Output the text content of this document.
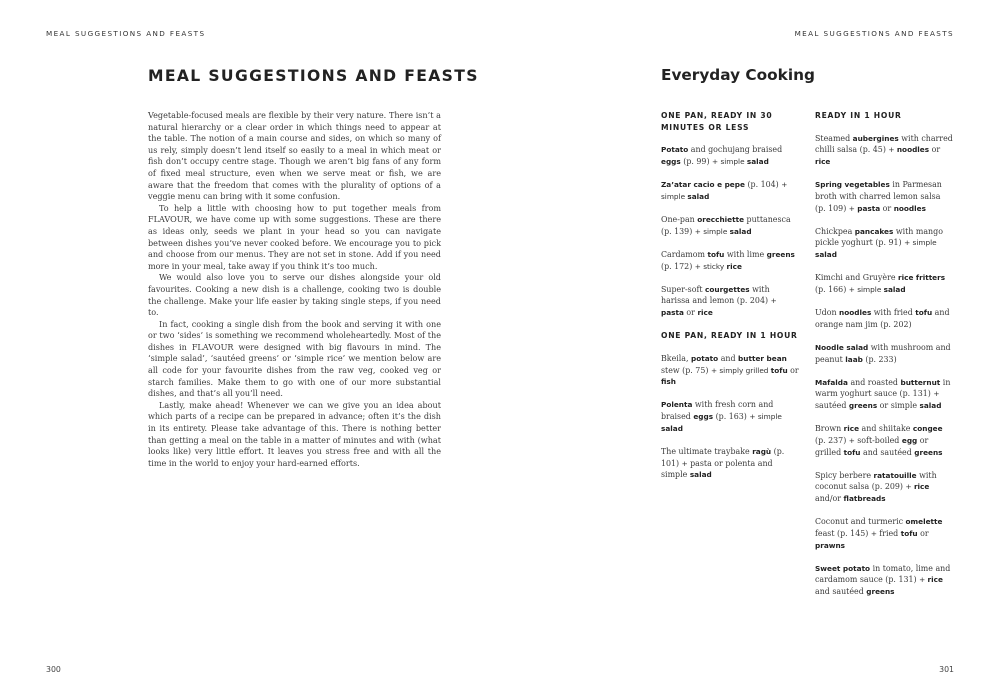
MEAL SUGGESTIONS AND FEASTS	MEAL SUGGESTIONS AND FEASTS
MEAL SUGGESTIONS AND FEASTS

Vegetable-focused meals are flexible by their very nature. There isn’t a natural hierarchy or a clear order in which things need to appear at the table. The notion of a main course and sides, on which so many of us rely, simply doesn’t lend itself so easily to a meal in which meat or fish don’t occupy centre stage. Though we aren’t big fans of any form of fixed meal structure, even when we serve meat or fish, we are aware that the freedom that comes with the plurality of options of a veggie menu can bring with it some confusion.

To help a little with choosing how to put together meals from FLAVOUR, we have come up with some suggestions. These are there as ideas only, seeds we plant in your head so you can navigate between dishes you’ve never cooked before. We encourage you to pick and choose from our menus. They are not set in stone. Add if you need more in your meal, take away if you think it’s too much.

We would also love you to serve our dishes alongside your old favourites. Cooking a new dish is a challenge, cooking two is double the challenge. Make your life easier by taking single steps, if you need to.

In fact, cooking a single dish from the book and serving it with one or two ‘sides’ is something we recommend wholeheartedly. Most of the dishes in FLAVOUR were designed with big flavours in mind. The ‘simple salad’, ‘sautéed greens’ or ‘simple rice’ we mention below are all code for your favourite dishes from the raw veg, cooked veg or starch families. Make them to go with one of our more substantial dishes, and that’s all you’ll need.

Lastly, make ahead! Whenever we can we give you an idea about which parts of a recipe can be prepared in advance; often it’s the dish in its entirety. Please take advantage of this. There is nothing better than getting a meal on the table in a matter of minutes and with (what looks like) very little effort. It leaves you stress free and with all the time in the world to enjoy your hard-earned efforts.

Everyday Cooking
ONE PAN, READY IN 30 MINUTES OR LESS
Potato and gochujang braised eggs (p. 99) + simple salad
Za’atar cacio e pepe (p. 104) + simple salad
One-pan orecchiette puttanesca (p. 139) + simple salad
Cardamom tofu with lime greens (p. 172) + sticky rice
Super-soft courgettes with harissa and lemon (p. 204) + pasta or rice
ONE PAN, READY IN 1 HOUR
Bkeila, potato and butter bean stew (p. 75) + simply grilled tofu or fish
Polenta with fresh corn and braised eggs (p. 163) + simple salad
The ultimate traybake ragù (p. 101) + pasta or polenta and simple salad
READY IN 1 HOUR
Steamed aubergines with charred chilli salsa (p. 45) + noodles or rice
Spring vegetables in Parmesan broth with charred lemon salsa (p. 109) + pasta or noodles
Chickpea pancakes with mango pickle yoghurt (p. 91) + simple salad
Kimchi and Gruyère rice fritters (p. 166) + simple salad
Udon noodles with fried tofu and orange nam jim (p. 202)
Noodle salad with mushroom and peanut laab (p. 233)
Mafalda and roasted butternut in warm yoghurt sauce (p. 131) + sautéed greens or simple salad
Brown rice and shiitake congee (p. 237) + soft-boiled egg or grilled tofu and sautéed greens
Spicy berbere ratatouille with coconut salsa (p. 209) + rice and/or flatbreads
Coconut and turmeric omelette feast (p. 145) + fried tofu or prawns
Sweet potato in tomato, lime and cardamom sauce (p. 131) + rice and sautéed greens
300	301
